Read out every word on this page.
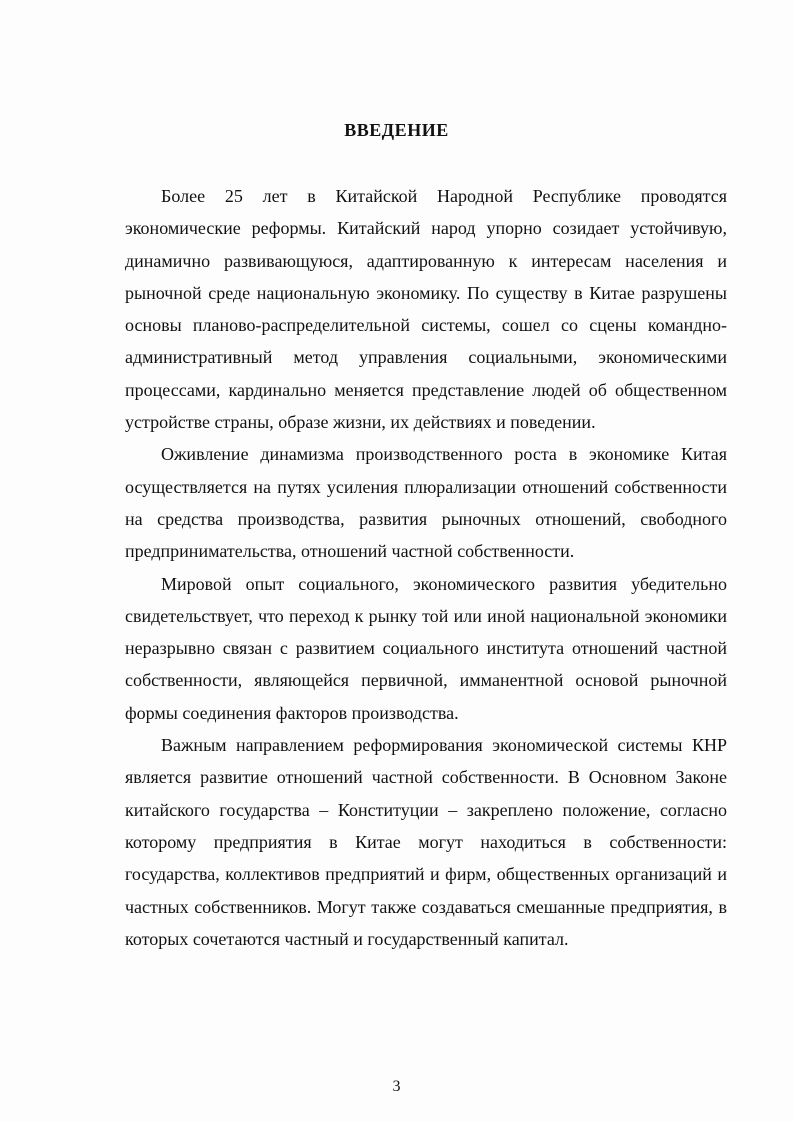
ВВЕДЕНИЕ

Более 25 лет в Китайской Народной Республике проводятся экономические реформы. Китайский народ упорно созидает устойчивую, динамично развивающуюся, адаптированную к интересам населения и рыночной среде национальную экономику. По существу в Китае разрушены основы планово-распределительной системы, сошел со сцены командно-административный метод управления социальными, экономическими процессами, кардинально меняется представление людей об общественном устройстве страны, образе жизни, их действиях и поведении.

Оживление динамизма производственного роста в экономике Китая осуществляется на путях усиления плюрализации отношений собственности на средства производства, развития рыночных отношений, свободного предпринимательства, отношений частной собственности.

Мировой опыт социального, экономического развития убедительно свидетельствует, что переход к рынку той или иной национальной экономики неразрывно связан с развитием социального института отношений частной собственности, являющейся первичной, имманентной основой рыночной формы соединения факторов производства.

Важным направлением реформирования экономической системы КНР является развитие отношений частной собственности. В Основном Законе китайского государства – Конституции – закреплено положение, согласно которому предприятия в Китае могут находиться в собственности: государства, коллективов предприятий и фирм, общественных организаций и частных собственников. Могут также создаваться смешанные предприятия, в которых сочетаются частный и государственный капитал.

3
